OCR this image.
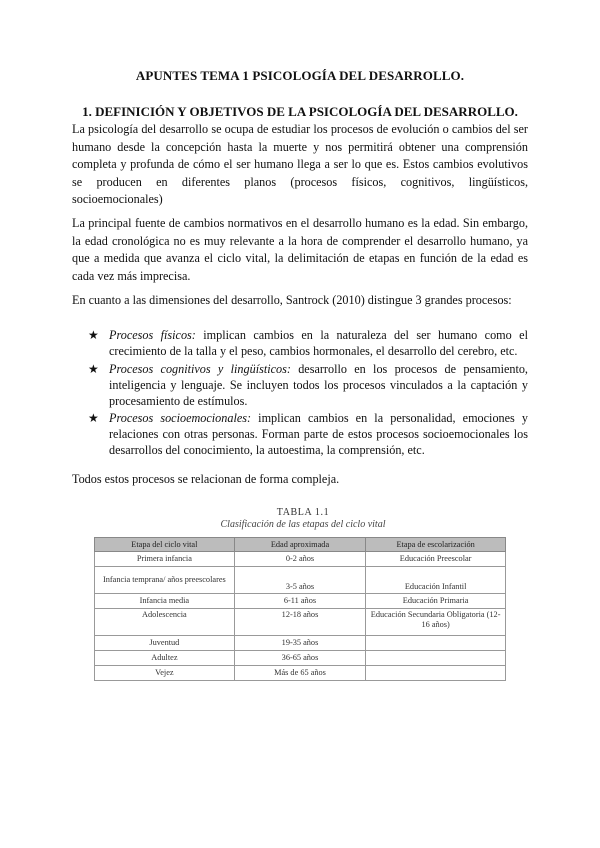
APUNTES TEMA 1 PSICOLOGÍA DEL DESARROLLO.
1. DEFINICIÓN Y OBJETIVOS DE LA PSICOLOGÍA DEL DESARROLLO.

La psicología del desarrollo se ocupa de estudiar los procesos de evolución o cambios del ser humano desde la concepción hasta la muerte y nos permitirá obtener una comprensión completa y profunda de cómo el ser humano llega a ser lo que es. Estos cambios evolutivos se producen en diferentes planos (procesos físicos, cognitivos, lingüísticos, socioemocionales)

La principal fuente de cambios normativos en el desarrollo humano es la edad. Sin embargo, la edad cronológica no es muy relevante a la hora de comprender el desarrollo humano, ya que a medida que avanza el ciclo vital, la delimitación de etapas en función de la edad es cada vez más imprecisa.

En cuanto a las dimensiones del desarrollo, Santrock (2010) distingue 3 grandes procesos:

★ Procesos físicos: implican cambios en la naturaleza del ser humano como el crecimiento de la talla y el peso, cambios hormonales, el desarrollo del cerebro, etc.
★ Procesos cognitivos y lingüísticos: desarrollo en los procesos de pensamiento, inteligencia y lenguaje. Se incluyen todos los procesos vinculados a la captación y procesamiento de estímulos.
★ Procesos socioemocionales: implican cambios en la personalidad, emociones y relaciones con otras personas. Forman parte de estos procesos socioemocionales los desarrollos del conocimiento, la autoestima, la comprensión, etc.

Todos estos procesos se relacionan de forma compleja.

TABLA 1.1
Clasificación de las etapas del ciclo vital
Etapa del ciclo vital	Edad aproximada	Etapa de escolarización
Primera infancia	0-2 años	Educación Preescolar
Infancia temprana/ años preescolares	3-5 años	Educación Infantil
Infancia media	6-11 años	Educación Primaria
Adolescencia	12-18 años	Educación Secundaria Obligatoria (12-16 años)
Juventud	19-35 años	
Adultez	36-65 años	
Vejez	Más de 65 años	
